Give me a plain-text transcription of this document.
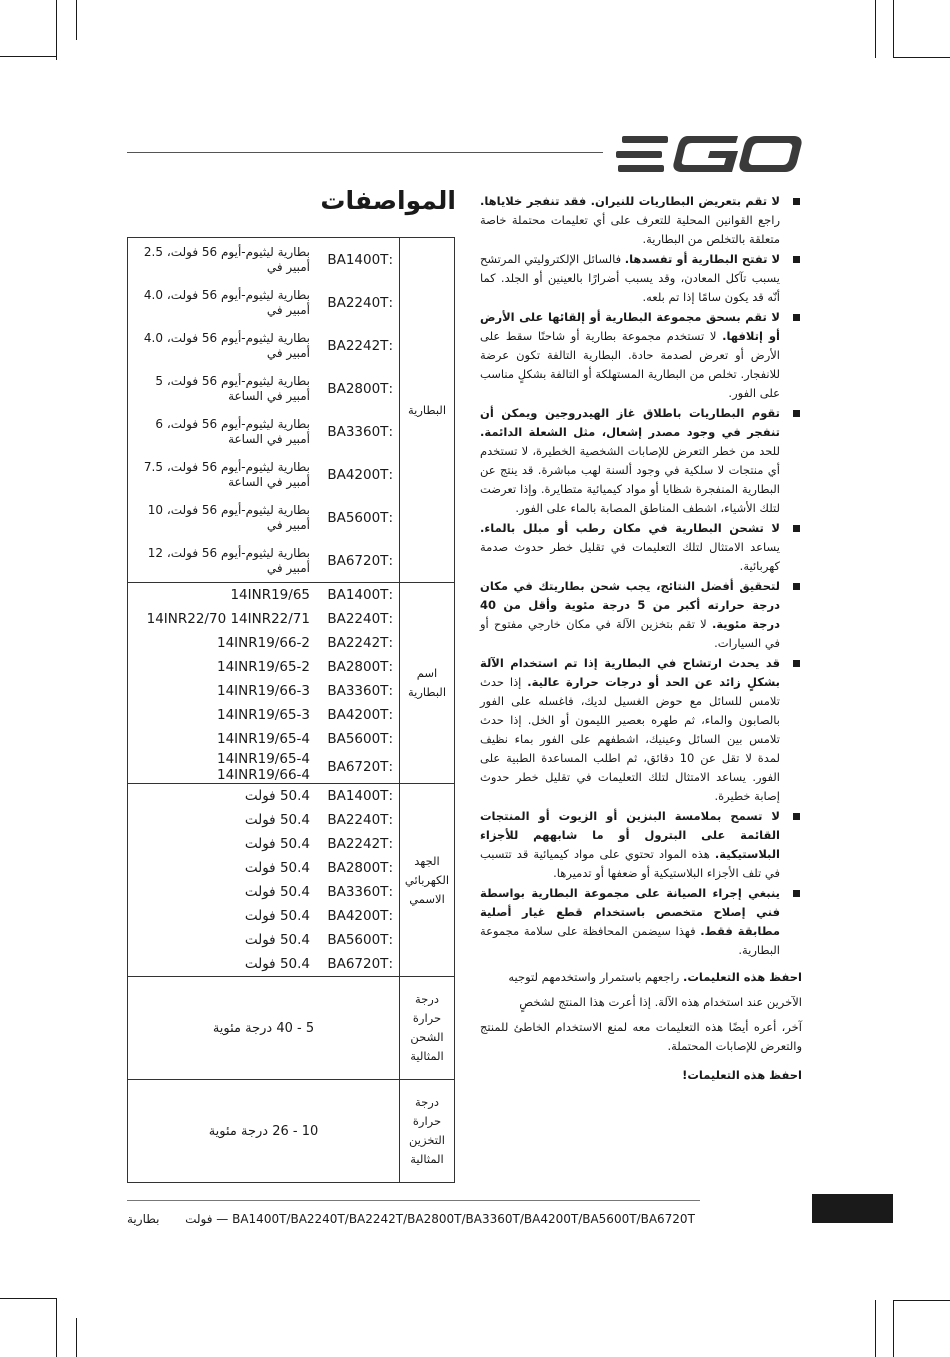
المواصفات
البطارية	:BA1400T	بطارية ليثيوم-أيوم 56 فولت، 2.5 أمبير في
	:BA2240T	بطارية ليثيوم-أيوم 56 فولت، 4.0 أمبير في
	:BA2242T	بطارية ليثيوم-أيوم 56 فولت، 4.0 أمبير في
	:BA2800T	بطارية ليثيوم-أيوم 56 فولت، 5 أمبير في الساعة
	:BA3360T	بطارية ليثيوم-أيوم 56 فولت، 6 أمبير في الساعة
	:BA4200T	بطارية ليثيوم-أيوم 56 فولت، 7.5 أمبير في الساعة
	:BA5600T	بطارية ليثيوم-أيوم 56 فولت، 10 أمبير في
	:BA6720T	بطارية ليثيوم-أيوم 56 فولت، 12 أمبير في
اسم البطارية	:BA1400T	14INR19/65
	:BA2240T	14INR22/70 14INR22/71
	:BA2242T	14INR19/66-2
	:BA2800T	14INR19/65-2
	:BA3360T	14INR19/66-3
	:BA4200T	14INR19/65-3
	:BA5600T	14INR19/65-4
	:BA6720T	14INR19/65-4 14INR19/66-4
الجهد الكهربائي الاسمي	:BA1400T	50.4 فولت
	:BA2240T	50.4 فولت
	:BA2242T	50.4 فولت
	:BA2800T	50.4 فولت
	:BA3360T	50.4 فولت
	:BA4200T	50.4 فولت
	:BA5600T	50.4 فولت
	:BA6720T	50.4 فولت
درجة حرارة الشحن المثالية	5 - 40 درجة مئوية	
درجة حرارة التخزين المثالية	10 - 26 درجة مئوية	
لا تقم بتعريض البطاريات للنيران. فقد تنفجر خلاياها. راجع القوانين المحلية للتعرف على أي تعليمات محتملة خاصة متعلقة بالتخلص من البطارية.
لا تفتح البطارية أو تفسدها. فالسائل الإلكتروليتي المرتشح يسبب تآكل المعادن، وقد يسبب أضرارًا بالعينين أو الجلد. كما أنّه قد يكون سامًا إذا تم بلعه.
لا تقم بسحق مجموعة البطارية أو إلقائها على الأرض أو إتلافها. لا تستخدم مجموعة بطارية أو شاحنًا سقط على الأرض أو تعرض لصدمة حادة. البطارية التالفة تكون عرضة للانفجار. تخلص من البطارية المستهلكة أو التالفة بشكلٍ مناسب على الفور.
تقوم البطاريات باطلاق غاز الهيدروجين ويمكن أن تنفجر في وجود مصدر إشعال، مثل الشعلة الدائمة. للحد من خطر التعرض للإصابات الشخصية الخطيرة، لا تستخدم أي منتجات لا سلكية في وجود ألسنة لهب مباشرة. قد ينتج عن البطارية المنفجرة شظايا أو مواد كيميائية متطايرة. وإذا تعرضت لتلك الأشياء، اشطف المناطق المصابة بالماء على الفور.
لا تشحن البطارية في مكان رطب أو مبلل بالماء. يساعد الامتثال لتلك التعليمات في تقليل خطر حدوث صدمة كهربائية.
لتحقيق أفضل النتائج، يجب شحن بطاريتك في مكان درجة حرارته أكبر من 5 درجة مئوية وأقل من 40 درجة مئوية. لا تقم بتخزين الآلة في مكان خارجي مفتوح أو في السيارات.
قد يحدث ارتشاح في البطارية إذا تم استخدام الآلة بشكلٍ زائد عن الحد أو درجات حرارة عالية. إذا حدث تلامس للسائل مع حوض الغسيل لديك، فاغسله على الفور بالصابون والماء، ثم طهره بعصير الليمون أو الخل. إذا حدث تلامس بين السائل وعينيك، اشطفهم على الفور بماء نظيف لمدة لا تقل عن 10 دقائق، ثم اطلب المساعدة الطبية على الفور. يساعد الامتثال لتلك التعليمات في تقليل خطر حدوث إصابة خطيرة.
لا تسمح بملامسة البنزين أو الزيوت أو المنتجات القائمة على البترول أو ما شابههم للأجزاء البلاستيكية. هذه المواد تحتوي على مواد كيميائية قد تتسبب في تلف الأجزاء البلاستيكية أو ضعفها أو تدميرها.
ينبغي إجراء الصيانة على مجموعة البطارية بواسطة فني إصلاح متخصص باستخدام قطع غيار أصلية مطابقة فقط. فهذا سيضمن المحافظة على سلامة مجموعة البطارية.
احفظ هذه التعليمات. راجعهم باستمرار واستخدمهم لتوجيه
الآخرين عند استخدام هذه الآلة. إذا أعرت هذا المنتج لشخصٍ
آخر، أعره أيضًا هذه التعليمات معه لمنع الاستخدام الخاطئ للمنتج والتعرض للإصابات المحتملة.
احفظ هذه التعليمات!
فولت  بطارية	— BA1400T/BA2240T/BA2242T/BA2800T/BA3360T/BA4200T/BA5600T/BA6720T
